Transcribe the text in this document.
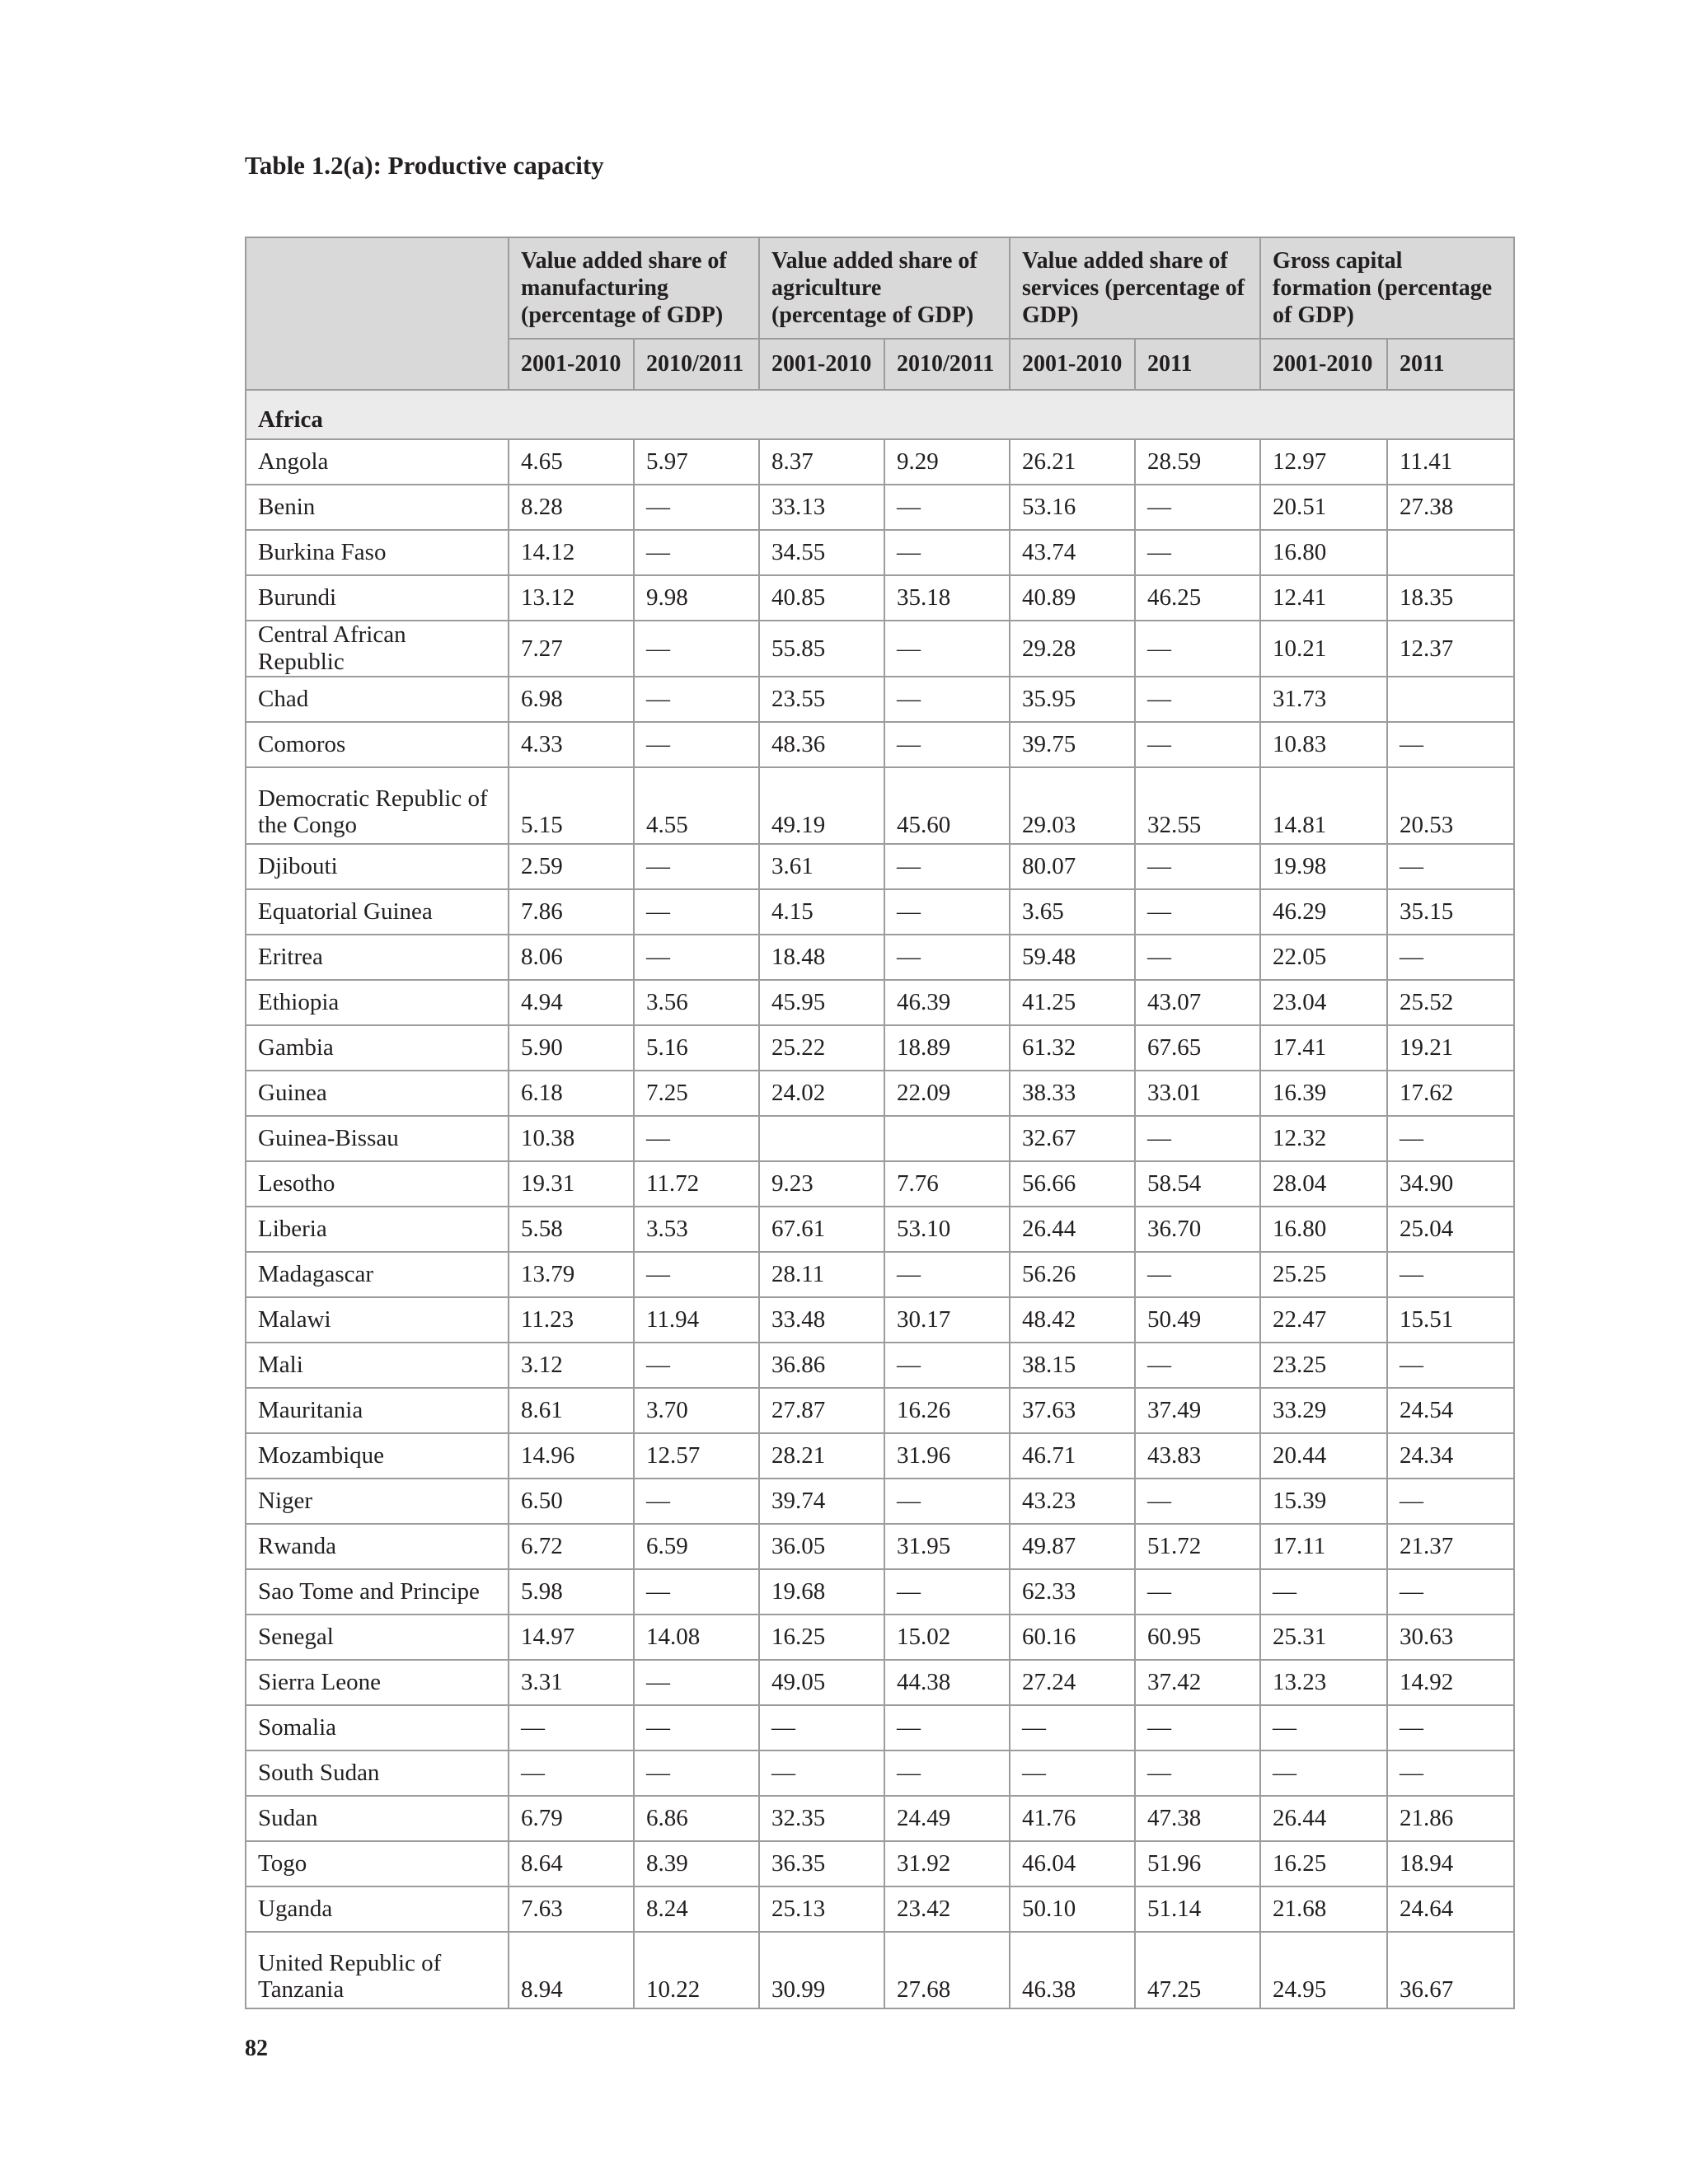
Table 1.2(a): Productive capacity
	Value added share of manufacturing (percentage of GDP)		Value added share of agriculture (percentage of GDP)		Value added share of services (percentage of GDP)		Gross capital formation (percentage of GDP)	
	2001-2010	2010/2011	2001-2010	2010/2011	2001-2010	2011	2001-2010	2011
Africa								
Angola	4.65	5.97	8.37	9.29	26.21	28.59	12.97	11.41
Benin	8.28	—	33.13	—	53.16	—	20.51	27.38
Burkina Faso	14.12	—	34.55	—	43.74	—	16.80	
Burundi	13.12	9.98	40.85	35.18	40.89	46.25	12.41	18.35
Central African Republic	7.27	—	55.85	—	29.28	—	10.21	12.37
Chad	6.98	—	23.55	—	35.95	—	31.73	
Comoros	4.33	—	48.36	—	39.75	—	10.83	—
Democratic Republic of the Congo	5.15	4.55	49.19	45.60	29.03	32.55	14.81	20.53
Djibouti	2.59	—	3.61	—	80.07	—	19.98	—
Equatorial Guinea	7.86	—	4.15	—	3.65	—	46.29	35.15
Eritrea	8.06	—	18.48	—	59.48	—	22.05	—
Ethiopia	4.94	3.56	45.95	46.39	41.25	43.07	23.04	25.52
Gambia	5.90	5.16	25.22	18.89	61.32	67.65	17.41	19.21
Guinea	6.18	7.25	24.02	22.09	38.33	33.01	16.39	17.62
Guinea-Bissau	10.38	—			32.67	—	12.32	—
Lesotho	19.31	11.72	9.23	7.76	56.66	58.54	28.04	34.90
Liberia	5.58	3.53	67.61	53.10	26.44	36.70	16.80	25.04
Madagascar	13.79	—	28.11	—	56.26	—	25.25	—
Malawi	11.23	11.94	33.48	30.17	48.42	50.49	22.47	15.51
Mali	3.12	—	36.86	—	38.15	—	23.25	—
Mauritania	8.61	3.70	27.87	16.26	37.63	37.49	33.29	24.54
Mozambique	14.96	12.57	28.21	31.96	46.71	43.83	20.44	24.34
Niger	6.50	—	39.74	—	43.23	—	15.39	—
Rwanda	6.72	6.59	36.05	31.95	49.87	51.72	17.11	21.37
Sao Tome and Principe	5.98	—	19.68	—	62.33	—	—	—
Senegal	14.97	14.08	16.25	15.02	60.16	60.95	25.31	30.63
Sierra Leone	3.31	—	49.05	44.38	27.24	37.42	13.23	14.92
Somalia	—	—	—	—	—	—	—	—
South Sudan	—	—	—	—	—	—	—	—
Sudan	6.79	6.86	32.35	24.49	41.76	47.38	26.44	21.86
Togo	8.64	8.39	36.35	31.92	46.04	51.96	16.25	18.94
Uganda	7.63	8.24	25.13	23.42	50.10	51.14	21.68	24.64
United Republic of Tanzania	8.94	10.22	30.99	27.68	46.38	47.25	24.95	36.67
82
